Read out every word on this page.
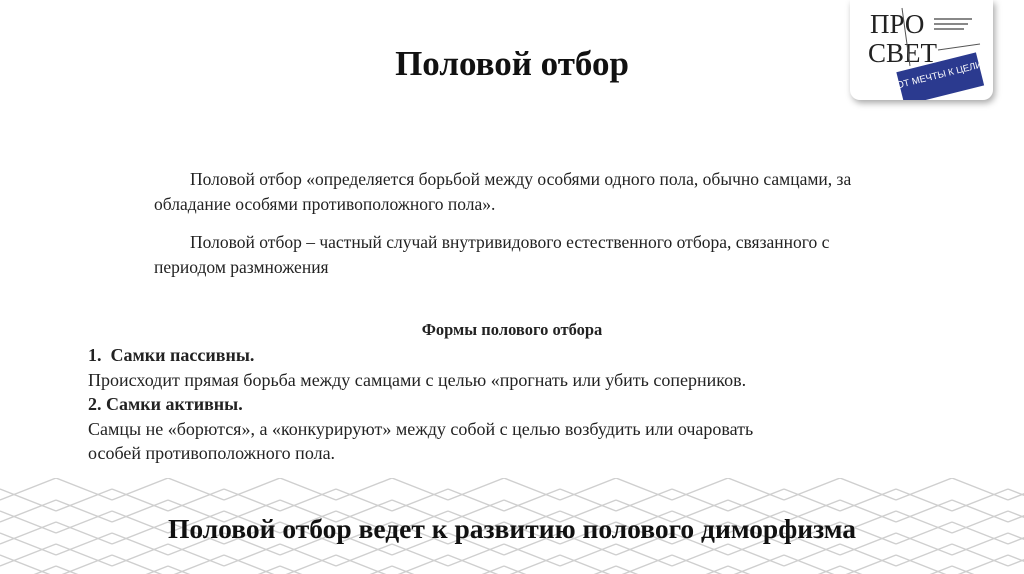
Половой отбор
ПРО
СВЕТ
ОТ МЕЧТЫ К ЦЕЛИ

Половой отбор «определяется борьбой между особями одного пола, обычно самцами, за обладание особями противоположного пола».

Половой отбор – частный случай внутривидового естественного отбора, связанного с периодом размножения

Формы полового отбора
1. Самки пассивны.
Происходит прямая борьба между самцами с целью «прогнать или убить соперников.
2. Самки активны.
Самцы не «борются», а «конкурируют» между собой с целью возбудить или очаровать
особей противоположного пола.
Половой отбор ведет к развитию полового диморфизма
